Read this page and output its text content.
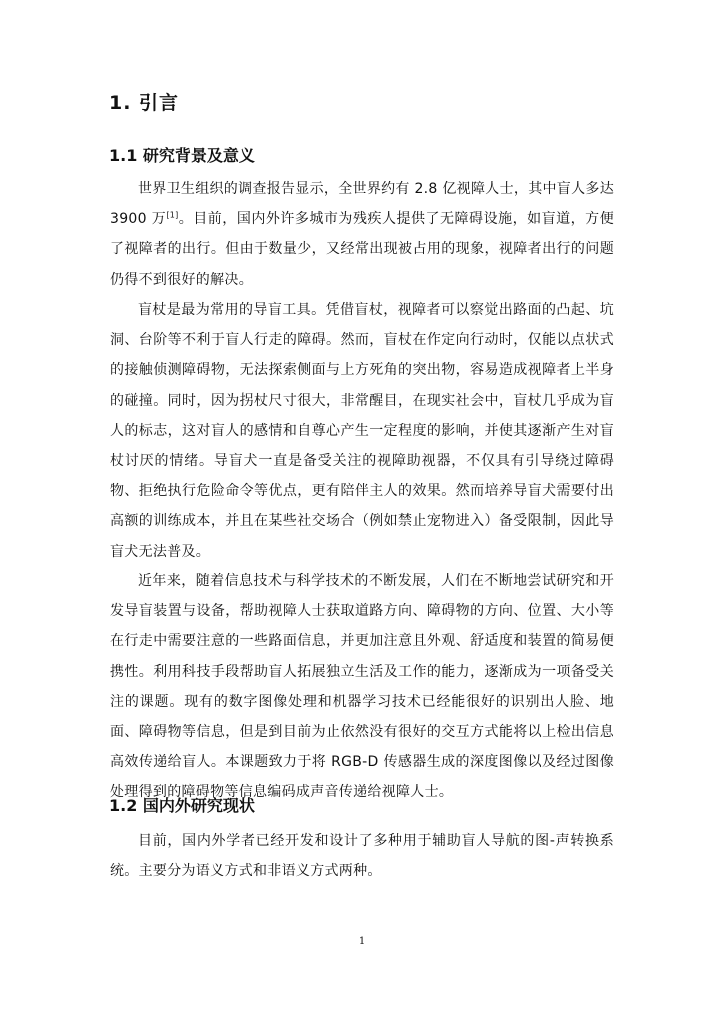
1. 引言
1.1 研究背景及意义

世界卫生组织的调查报告显示，全世界约有 2.8 亿视障人士，其中盲人多达 3900 万[1]。目前，国内外许多城市为残疾人提供了无障碍设施，如盲道，方便了视障者的出行。但由于数量少，又经常出现被占用的现象，视障者出行的问题仍得不到很好的解决。

盲杖是最为常用的导盲工具。凭借盲杖，视障者可以察觉出路面的凸起、坑洞、台阶等不利于盲人行走的障碍。然而，盲杖在作定向行动时，仅能以点状式的接触侦测障碍物，无法探索侧面与上方死角的突出物，容易造成视障者上半身的碰撞。同时，因为拐杖尺寸很大，非常醒目，在现实社会中，盲杖几乎成为盲人的标志，这对盲人的感情和自尊心产生一定程度的影响，并使其逐渐产生对盲杖讨厌的情绪。导盲犬一直是备受关注的视障助视器，不仅具有引导绕过障碍物、拒绝执行危险命令等优点，更有陪伴主人的效果。然而培养导盲犬需要付出高额的训练成本，并且在某些社交场合（例如禁止宠物进入）备受限制，因此导盲犬无法普及。

近年来，随着信息技术与科学技术的不断发展，人们在不断地尝试研究和开发导盲装置与设备，帮助视障人士获取道路方向、障碍物的方向、位置、大小等在行走中需要注意的一些路面信息，并更加注意且外观、舒适度和装置的简易便携性。利用科技手段帮助盲人拓展独立生活及工作的能力，逐渐成为一项备受关注的课题。现有的数字图像处理和机器学习技术已经能很好的识别出人脸、地面、障碍物等信息，但是到目前为止依然没有很好的交互方式能将以上检出信息高效传递给盲人。本课题致力于将 RGB-D 传感器生成的深度图像以及经过图像处理得到的障碍物等信息编码成声音传递给视障人士。

1.2 国内外研究现状

目前，国内外学者已经开发和设计了多种用于辅助盲人导航的图-声转换系统。主要分为语义方式和非语义方式两种。

1
